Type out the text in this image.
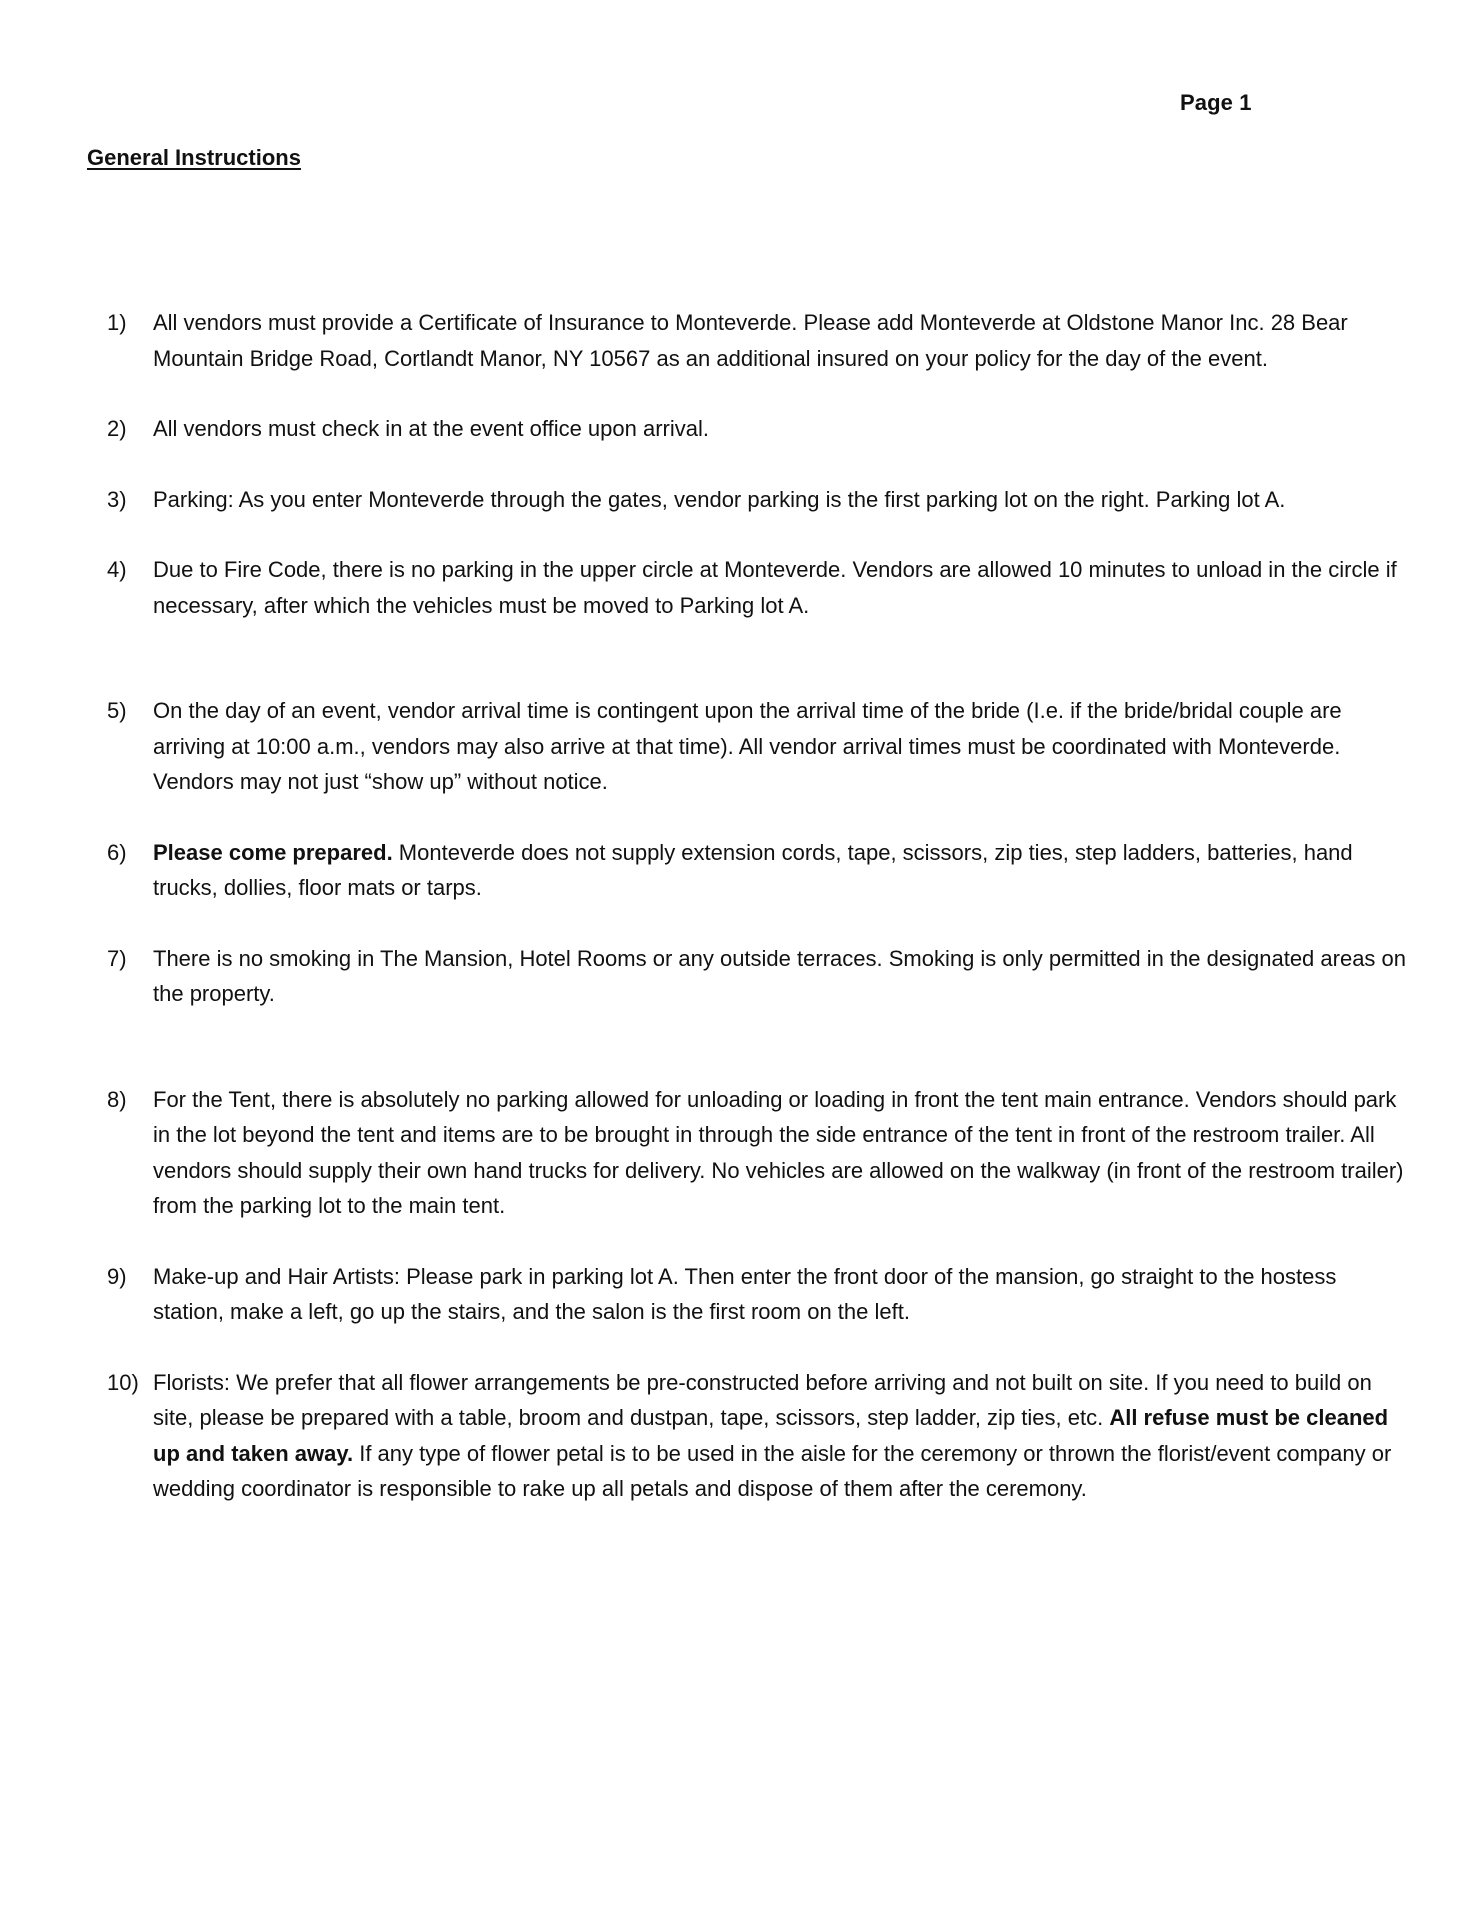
Page 1
General Instructions
1)	All vendors must provide a Certificate of Insurance to Monteverde. Please add Monteverde at Oldstone Manor Inc. 28 Bear Mountain Bridge Road, Cortlandt Manor, NY 10567 as an additional insured on your policy for the day of the event.
2)	All vendors must check in at the event office upon arrival.
3)	Parking: As you enter Monteverde through the gates, vendor parking is the first parking lot on the right. Parking lot A.
4)	Due to Fire Code, there is no parking in the upper circle at Monteverde. Vendors are allowed 10 minutes to unload in the circle if necessary, after which the vehicles must be moved to Parking lot A.
5)	On the day of an event, vendor arrival time is contingent upon the arrival time of the bride (I.e. if the bride/bridal couple are arriving at 10:00 a.m., vendors may also arrive at that time). All vendor arrival times must be coordinated with Monteverde. Vendors may not just “show up” without notice.
6)	Please come prepared. Monteverde does not supply extension cords, tape, scissors, zip ties, step ladders, batteries, hand trucks, dollies, floor mats or tarps.
7)	There is no smoking in The Mansion, Hotel Rooms or any outside terraces. Smoking is only permitted in the designated areas on the property.
8)	For the Tent, there is absolutely no parking allowed for unloading or loading in front the tent main entrance. Vendors should park in the lot beyond the tent and items are to be brought in through the side entrance of the tent in front of the restroom trailer. All vendors should supply their own hand trucks for delivery. No vehicles are allowed on the walkway (in front of the restroom trailer) from the parking lot to the main tent.
9)	Make-up and Hair Artists: Please park in parking lot A. Then enter the front door of the mansion, go straight to the hostess station, make a left, go up the stairs, and the salon is the first room on the left.
10) Florists: We prefer that all flower arrangements be pre-constructed before arriving and not built on site. If you need to build on site, please be prepared with a table, broom and dustpan, tape, scissors, step ladder, zip ties, etc. All refuse must be cleaned up and taken away. If any type of flower petal is to be used in the aisle for the ceremony or thrown the florist/event company or wedding coordinator is responsible to rake up all petals and dispose of them after the ceremony.
